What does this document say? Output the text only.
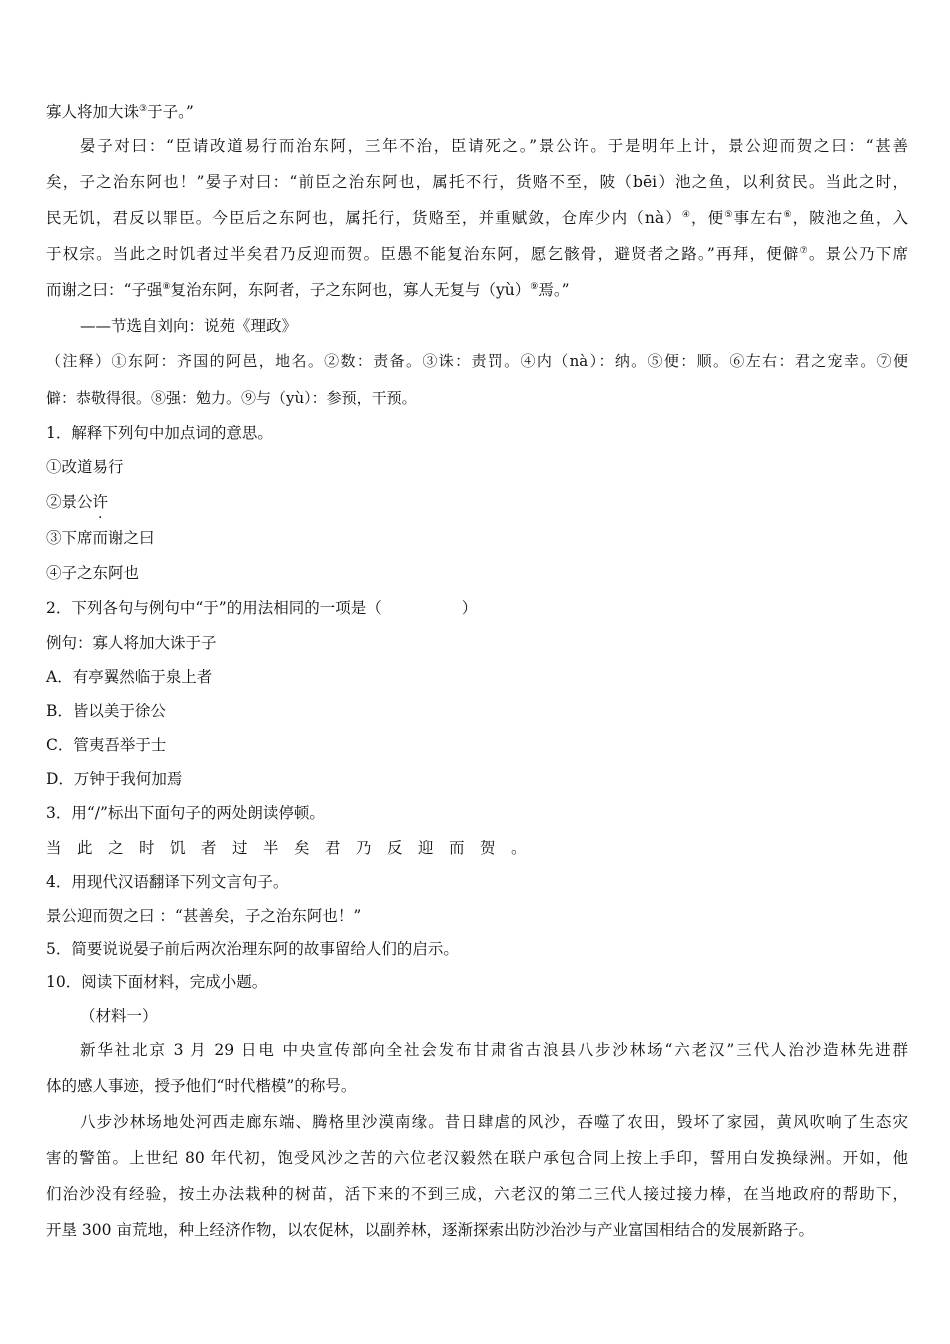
寡人将加大诛③于子。”

晏子对曰：“臣请改道易行而治东阿，三年不治，臣请死之。”景公许。于是明年上计，景公迎而贺之曰：“甚善

矣，子之治东阿也！”晏子对曰：“前臣之治东阿也，属托不行，货赂不至，陂（bēi）池之鱼，以利贫民。当此之时，

民无饥，君反以罪臣。今臣后之东阿也，属托行，货赂至，并重赋敛，仓库少内（nà）④，便⑤事左右⑥，陂池之鱼，入

于权宗。当此之时饥者过半矣君乃反迎而贺。臣愚不能复治东阿，愿乞骸骨，避贤者之路。”再拜，便僻⑦。景公乃下席

而谢之曰：“子强⑧复治东阿，东阿者，子之东阿也，寡人无复与（yù）⑨焉。”

——节选自刘向：说苑《理政》

（注释）①东阿：齐国的阿邑，地名。②数：责备。③诛：责罚。④内（nà）：纳。⑤便：顺。⑥左右：君之宠幸。⑦便

僻：恭敬得很。⑧强：勉力。⑨与（yù）：参预，干预。

1．解释下列句中加点词的意思。

①改道易行

②景公许

③下席而谢之曰

④子之东阿也

2．下列各句与例句中“于”的用法相同的一项是（	）

例句：寡人将加大诛于子

A．有亭翼然临于泉上者

B．皆以美于徐公

C．管夷吾举于士

D．万钟于我何加焉

3．用“/”标出下面句子的两处朗读停顿。

当此之时饥者过半矣君乃反迎而贺。

4．用现代汉语翻译下列文言句子。

景公迎而贺之曰 ：“甚善矣，子之治东阿也！”

5．简要说说晏子前后两次治理东阿的故事留给人们的启示。

10．阅读下面材料，完成小题。

（材料一）

新华社北京 3 月 29 日电 中央宣传部向全社会发布甘肃省古浪县八步沙林场“六老汉”三代人治沙造林先进群

体的感人事迹，授予他们“时代楷模”的称号。

八步沙林场地处河西走廊东端、腾格里沙漠南缘。昔日肆虐的风沙，吞噬了农田，毁坏了家园，黄风吹响了生态灾

害的警笛。上世纪 80 年代初，饱受风沙之苦的六位老汉毅然在联户承包合同上按上手印，誓用白发换绿洲。开如，他

们治沙没有经验，按土办法栽种的树苗，活下来的不到三成，六老汉的第二三代人接过接力棒，在当地政府的帮助下，

开垦 300 亩荒地，种上经济作物，以农促林，以副养林，逐渐探索出防沙治沙与产业富国相结合的发展新路子。
